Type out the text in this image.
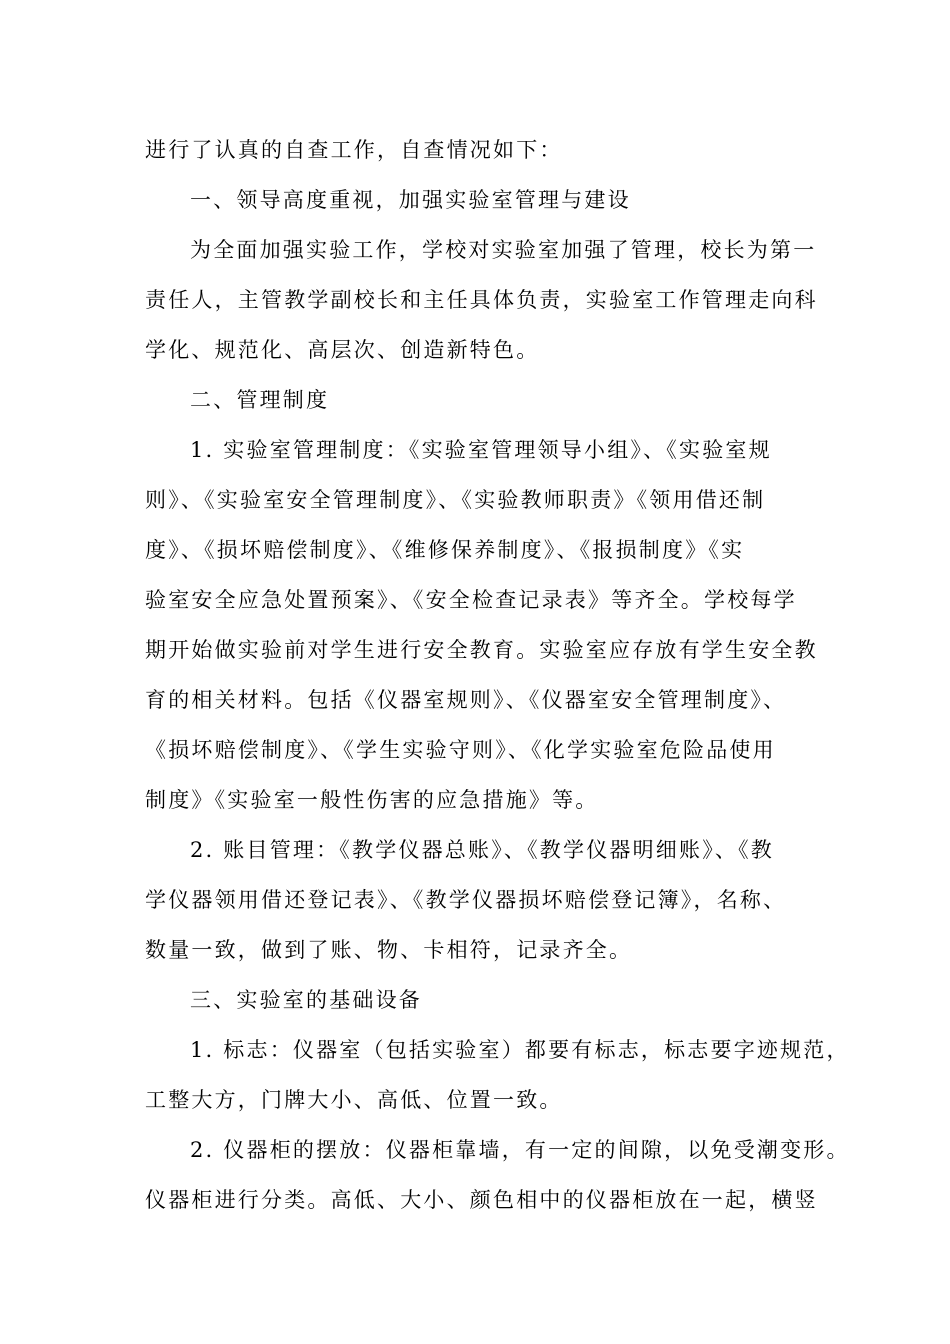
进行了认真的自查工作，自查情况如下：
一、领导高度重视，加强实验室管理与建设
为全面加强实验工作，学校对实验室加强了管理，校长为第一
责任人，主管教学副校长和主任具体负责，实验室工作管理走向科
学化、规范化、高层次、创造新特色。
二、管理制度
1. 实验室管理制度：《实验室管理领导小组》、《实验室规
则》、《实验室安全管理制度》、《实验教师职责》《领用借还制
度》、《损坏赔偿制度》、《维修保养制度》、《报损制度》《实
验室安全应急处置预案》、《安全检查记录表》等齐全。学校每学
期开始做实验前对学生进行安全教育。实验室应存放有学生安全教
育的相关材料。包括《仪器室规则》、《仪器室安全管理制度》、
《损坏赔偿制度》、《学生实验守则》、《化学实验室危险品使用
制度》《实验室一般性伤害的应急措施》等。
2. 账目管理：《教学仪器总账》、《教学仪器明细账》、《教
学仪器领用借还登记表》、《教学仪器损坏赔偿登记簿》，名称、
数量一致，做到了账、物、卡相符，记录齐全。
三、实验室的基础设备
1. 标志：仪器室（包括实验室）都要有标志，标志要字迹规范，
工整大方，门牌大小、高低、位置一致。
2. 仪器柜的摆放：仪器柜靠墙，有一定的间隙，以免受潮变形。
仪器柜进行分类。高低、大小、颜色相中的仪器柜放在一起，横竖
